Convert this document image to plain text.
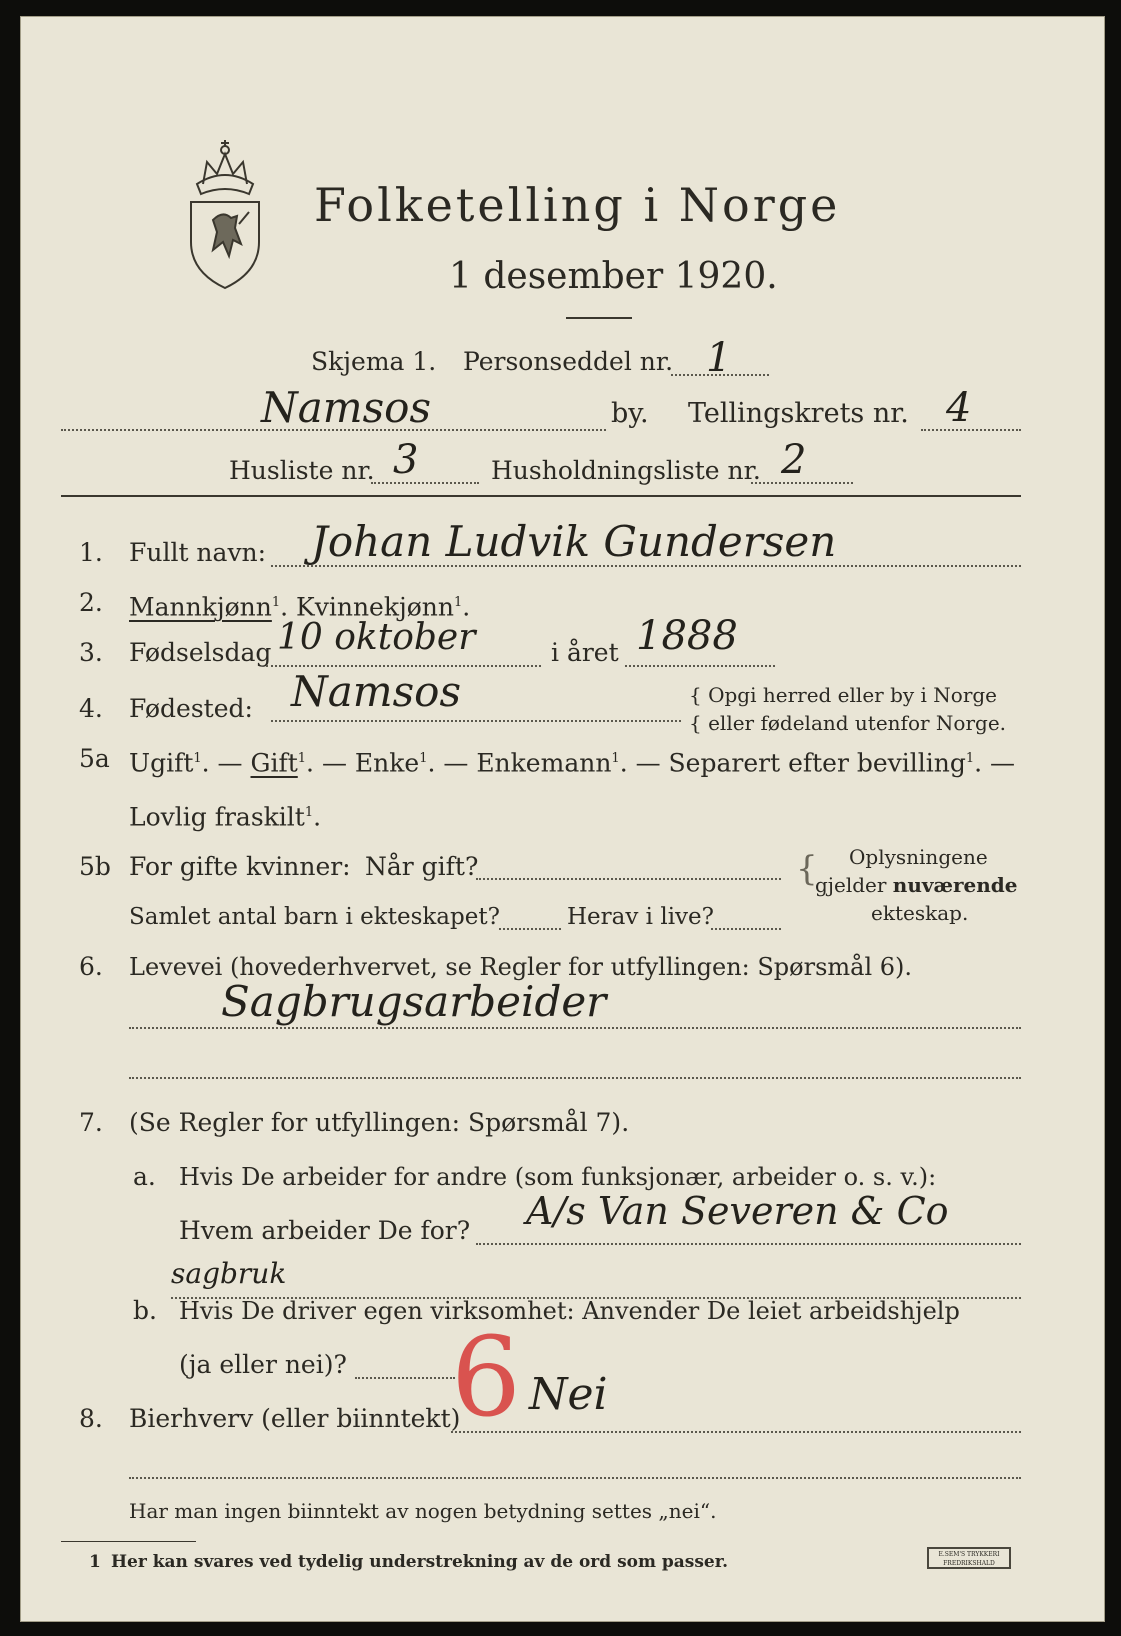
Folketelling i Norge
1 desember 1920.
Skjema 1. Personseddel nr. 1
Namsos	by. Tellingskrets nr. 4
Husliste nr. 3	Husholdningsliste nr. 2
1. Fullt navn: Johan Ludvik Gundersen
2. Mannkjønn$^1$. Kvinnekjønn$^1$.
3. Fødselsdag 10 oktober	i året 1888
4. Fødested: Namsos	{ Opgi herred eller by i Norge
{ eller fødeland utenfor Norge.
5a Ugift$^1$. — Gift$^1$. — Enke$^1$. — Enkemann$^1$. — Separert efter bevilling$^1$. —
Lovlig fraskilt$^1$.
5b For gifte kvinner: Når gift?
Samlet antal barn i ekteskapet?	Herav i live?
{ Oplysningene
gjelder nuværende
ekteskap.
6. Levevei (hovederhvervet, se Regler for utfyllingen: Spørsmål 6).
Sagbrugsarbeider
7. (Se Regler for utfyllingen: Spørsmål 7).
a. Hvis De arbeider for andre (som funksjonær, arbeider o. s. v.):
Hvem arbeider De for? A/s Van Severen & Co
sagbruk
b. Hvis De driver egen virksomhet: Anvender De leiet arbeidshjelp
(ja eller nei)?
8. Bierhverv (eller biinntekt) Nei
6
Har man ingen biinntekt av nogen betydning settes „nei“.
1 Her kan svares ved tydelig understrekning av de ord som passer.	E.SEM'S TRYKKERI FREDRIKSHALD
